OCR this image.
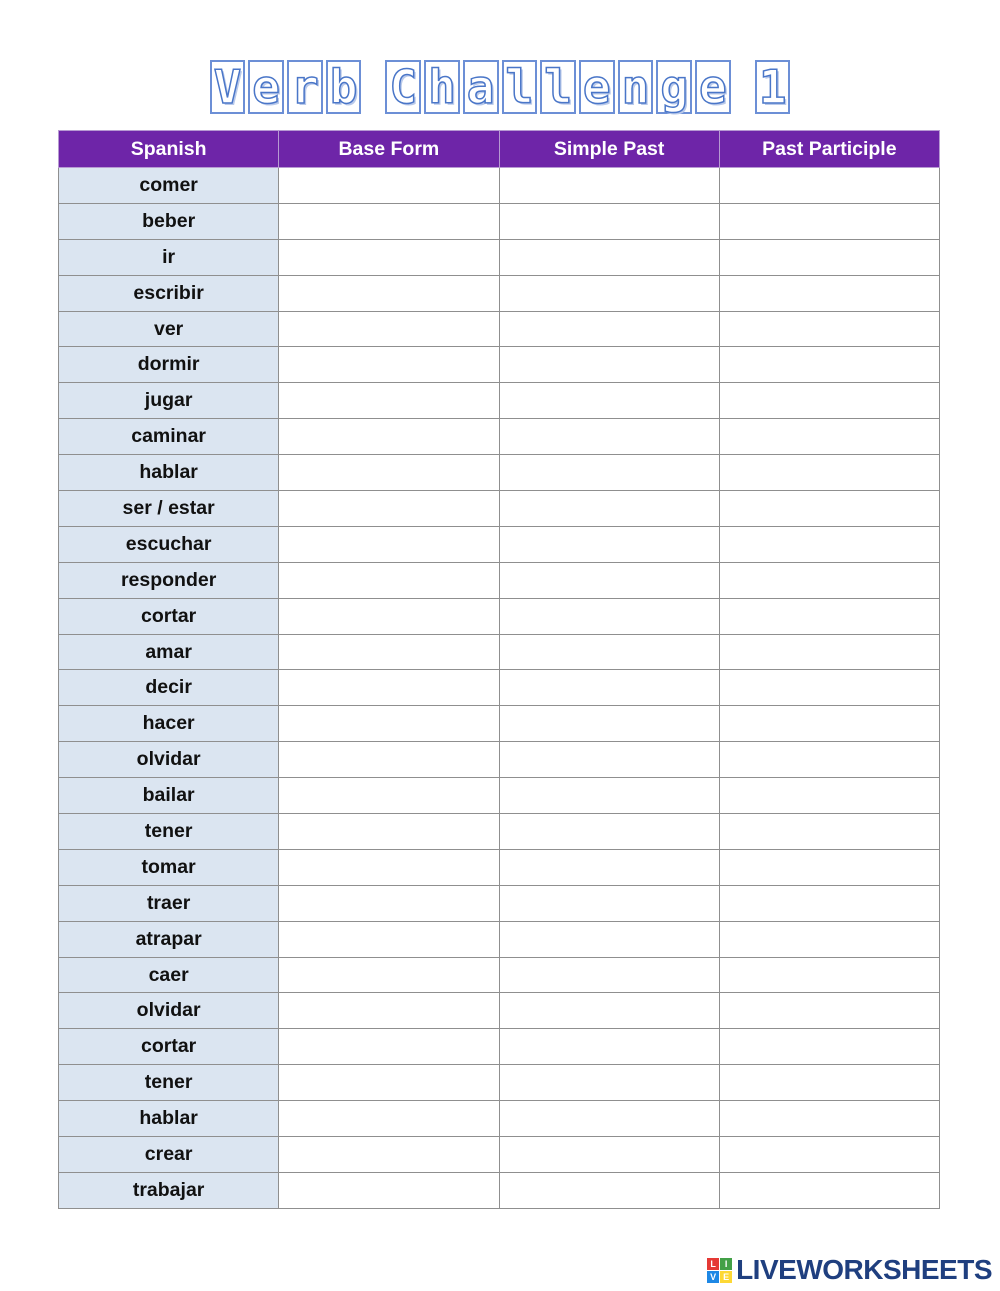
V e r b
C h a l l e n g e
1
Spanish	Base Form	Simple Past	Past Participle
comer			
beber			
ir			
escribir			
ver			
dormir			
jugar			
caminar			
hablar			
ser / estar			
escuchar			
responder			
cortar			
amar			
decir			
hacer			
olvidar			
bailar			
tener			
tomar			
traer			
atrapar			
caer			
olvidar			
cortar			
tener			
hablar			
crear			
trabajar			
L I
V E LIVEWORKSHEETS
